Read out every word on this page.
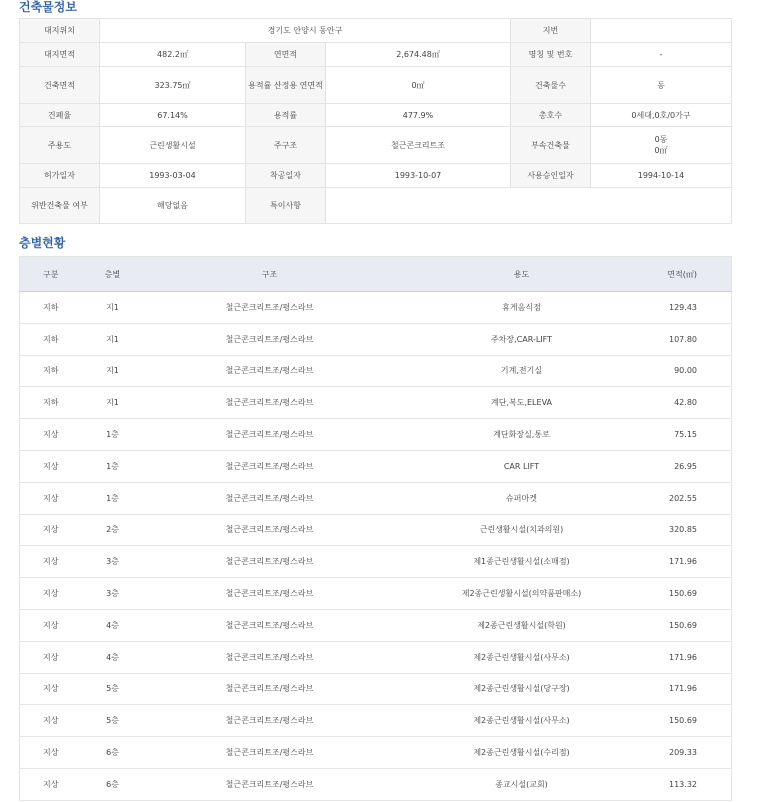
건축물정보
대지위치	경기도 안양시 동안구			지번	
대지면적	482.2㎡	연면적	2,674.48㎡	명칭 및 번호	-
건축면적	323.75㎡	용적률 산정용 연면적	0㎡	건축물수	동
건폐율	67.14%	용적률	477.9%	총호수	0세대,0호/0가구
주용도	근린생활시설	주구조	철근콘크리트조	부속건축물	0동
0㎡

허가일자	1993-03-04	착공일자	1993-10-07	사용승인일자	1994-10-14
위반건축물 여부	해당없음	특이사항			
층별현황
구분	층별	구조	용도	면적(㎡)
지하	지1	철근콘크리트조/평스라브	휴게음식점	129.43
지하	지1	철근콘크리트조/평스라브	주차장,CAR-LIFT	107.80
지하	지1	철근콘크리트조/평스라브	기계,전기실	90.00
지하	지1	철근콘크리트조/평스라브	계단,복도,ELEVA	42.80
지상	1층	철근콘크리트조/평스라브	계단화장실,통로	75.15
지상	1층	철근콘크리트조/평스라브	CAR LIFT	26.95
지상	1층	철근콘크리트조/평스라브	슈퍼마켓	202.55
지상	2층	철근콘크리트조/평스라브	근린생활시설(치과의원)	320.85
지상	3층	철근콘크리트조/평스라브	제1종근린생활시설(소매점)	171.96
지상	3층	철근콘크리트조/평스라브	제2종근린생활시설(의약품판매소)	150.69
지상	4층	철근콘크리트조/평스라브	제2종근린생활시설(학원)	150.69
지상	4층	철근콘크리트조/평스라브	제2종근린생활시설(사무소)	171.96
지상	5층	철근콘크리트조/평스라브	제2종근린생활시설(당구장)	171.96
지상	5층	철근콘크리트조/평스라브	제2종근린생활시설(사무소)	150.69
지상	6층	철근콘크리트조/평스라브	제2종근린생활시설(수리점)	209.33
지상	6층	철근콘크리트조/평스라브	종교시설(교회)	113.32
